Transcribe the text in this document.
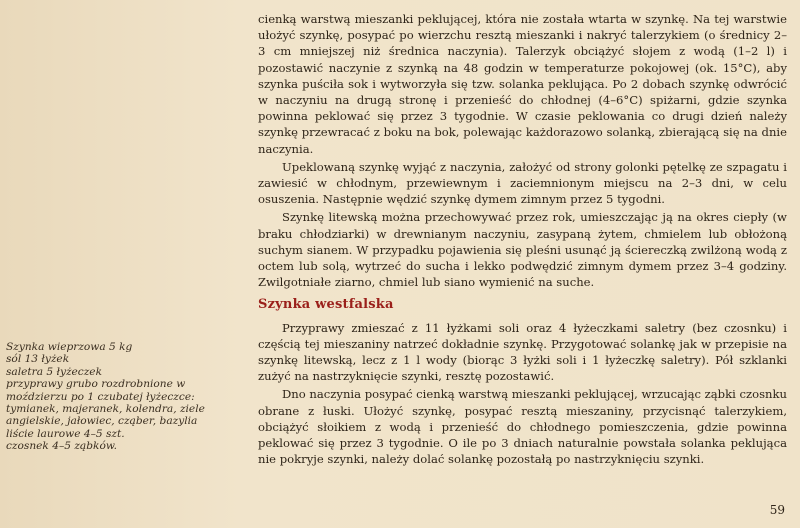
Szynka wieprzowa 5 kg
sól 13 łyżek
saletra 5 łyżeczek
przyprawy grubo rozdrobnione w
moździerzu po 1 czubatej łyżeczce:
tymianek, majeranek, kolendra, ziele
angielskie, jałowiec, cząber, bazylia
liście laurowe 4–5 szt.
czosnek 4–5 ząbków.

cienką warstwą mieszanki peklującej, która nie została wtarta w szynkę. Na tej warstwie ułożyć szynkę, posypać po wierzchu resztą mieszanki i nakryć talerzykiem (o średnicy 2–3 cm mniejszej niż średnica naczynia). Talerzyk obciążyć słojem z wodą (1–2 l) i pozostawić naczynie z szynką na 48 godzin w temperaturze pokojowej (ok. 15°C), aby szynka puściła sok i wytworzyła się tzw. solanka peklująca. Po 2 dobach szynkę odwrócić w naczyniu na drugą stronę i przenieść do chłodnej (4–6°C) spiżarni, gdzie szynka powinna peklować się przez 3 tygodnie. W czasie peklowania co drugi dzień należy szynkę przewracać z boku na bok, polewając każdorazowo solanką, zbierającą się na dnie naczynia.

Upeklowaną szynkę wyjąć z naczynia, założyć od strony golonki pętelkę ze szpagatu i zawiesić w chłodnym, przewiewnym i zaciemnionym miejscu na 2–3 dni, w celu osuszenia. Następnie wędzić szynkę dymem zimnym przez 5 tygodni.

Szynkę litewską można przechowywać przez rok, umieszczając ją na okres ciepły (w braku chłodziarki) w drewnianym naczyniu, zasypaną żytem, chmielem lub obłożoną suchym sianem. W przypadku pojawienia się pleśni usunąć ją ściereczką zwilżoną wodą z octem lub solą, wytrzeć do sucha i lekko podwędzić zimnym dymem przez 3–4 godziny. Zwilgotniałe ziarno, chmiel lub siano wymienić na suche.

Szynka westfalska

Przyprawy zmieszać z 11 łyżkami soli oraz 4 łyżeczkami saletry (bez czosnku) i częścią tej mieszaniny natrzeć dokładnie szynkę. Przygotować solankę jak w przepisie na szynkę litewską, lecz z 1 l wody (biorąc 3 łyżki soli i 1 łyżeczkę saletry). Pół szklanki zużyć na nastrzyknięcie szynki, resztę pozostawić.

Dno naczynia posypać cienką warstwą mieszanki peklującej, wrzucając ząbki czosnku obrane z łuski. Ułożyć szynkę, posypać resztą mieszaniny, przycisnąć talerzykiem, obciążyć słoikiem z wodą i przenieść do chłodnego pomieszczenia, gdzie powinna peklować się przez 3 tygodnie. O ile po 3 dniach naturalnie powstała solanka peklująca nie pokryje szynki, należy dolać solankę pozostałą po nastrzyknięciu szynki.

59
